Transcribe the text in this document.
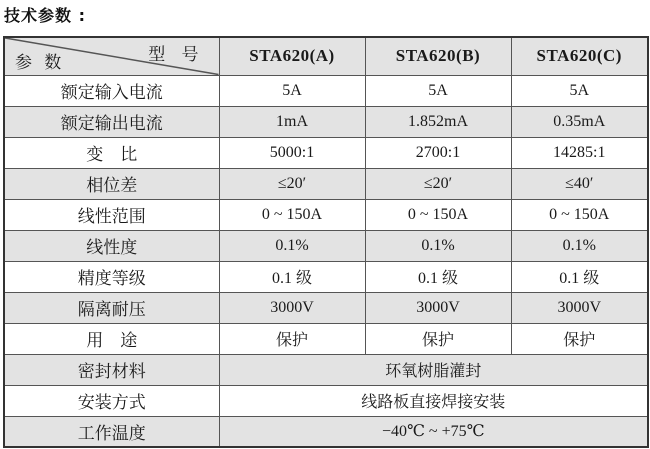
技术参数 :
型 号
参 数	STA620(A)	STA620(B)	STA620(C)
额定输入电流	5A	5A	5A
额定输出电流	1mA	1.852mA	0.35mA
变　比	5000:1	2700:1	14285:1
相位差	≤20′	≤20′	≤40′
线性范围	0 ~ 150A	0 ~ 150A	0 ~ 150A
线性度	0.1%	0.1%	0.1%
精度等级	0.1 级	0.1 级	0.1 级
隔离耐压	3000V	3000V	3000V
用　途	保护	保护	保护
密封材料	环氧树脂灌封		
安装方式	线路板直接焊接安装		
工作温度	−40℃ ~ +75℃		
